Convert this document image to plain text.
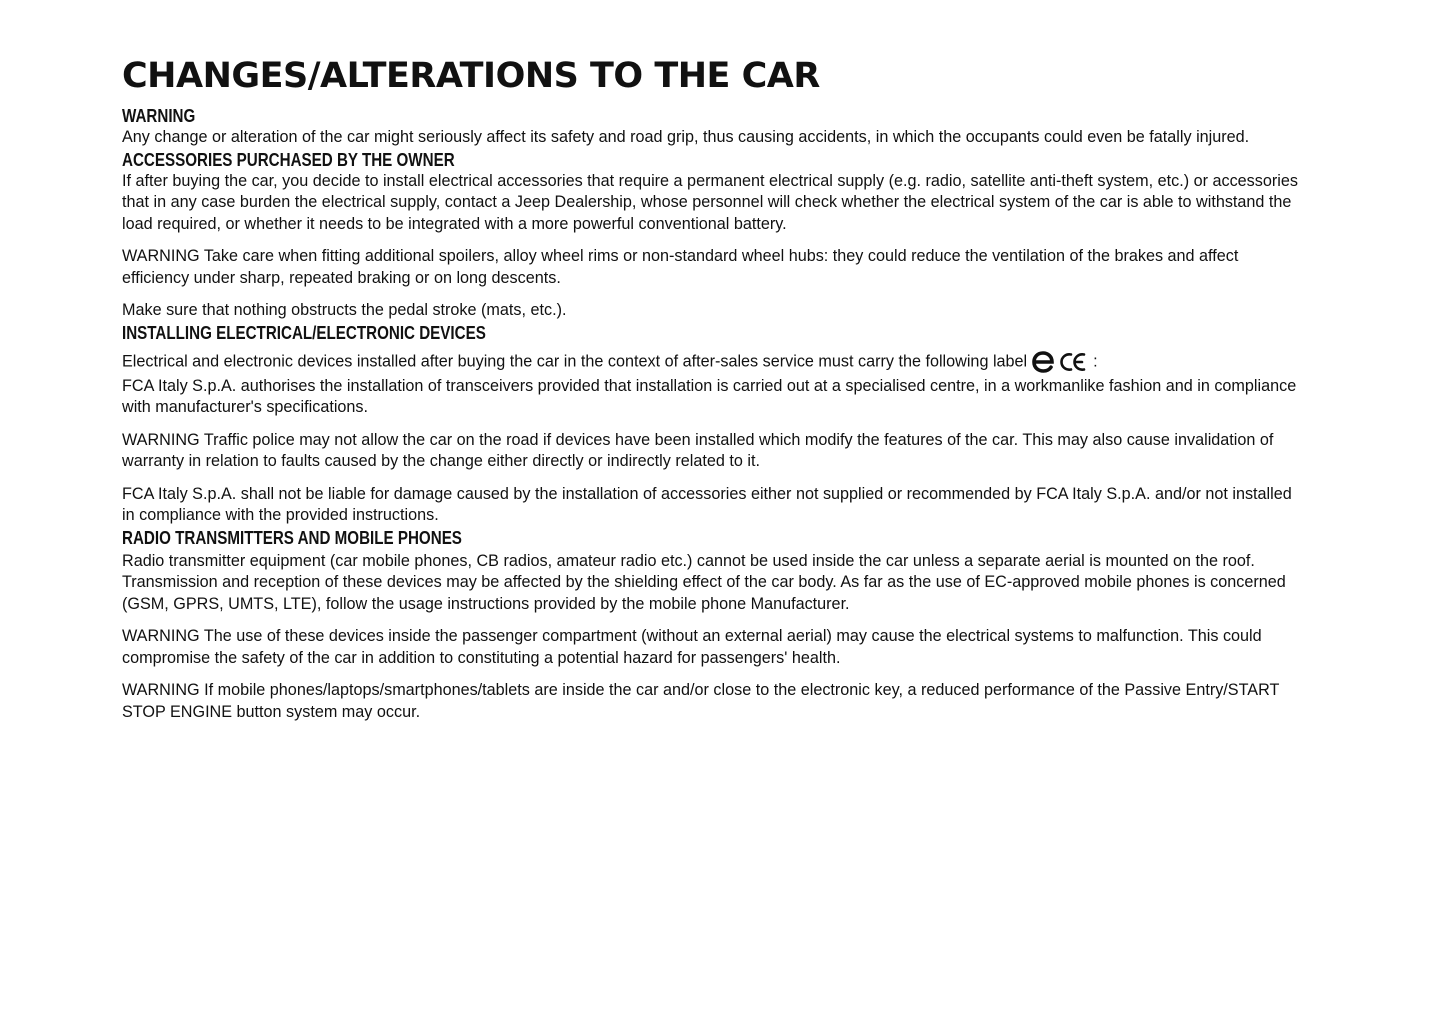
CHANGES/ALTERATIONS TO THE CAR
WARNING

Any change or alteration of the car might seriously affect its safety and road grip, thus causing accidents, in which the occupants could even be fatally injured.

ACCESSORIES PURCHASED BY THE OWNER

If after buying the car, you decide to install electrical accessories that require a permanent electrical supply (e.g. radio, satellite anti-theft system, etc.) or accessories that in any case burden the electrical supply, contact a Jeep Dealership, whose personnel will check whether the electrical system of the car is able to withstand the load required, or whether it needs to be integrated with a more powerful conventional battery.

WARNING Take care when fitting additional spoilers, alloy wheel rims or non-standard wheel hubs: they could reduce the ventilation of the brakes and affect efficiency under sharp, repeated braking or on long descents.

Make sure that nothing obstructs the pedal stroke (mats, etc.).

INSTALLING ELECTRICAL/ELECTRONIC DEVICES

Electrical and electronic devices installed after buying the car in the context of after-sales service must carry the following label	:

FCA Italy S.p.A. authorises the installation of transceivers provided that installation is carried out at a specialised centre, in a workmanlike fashion and in compliance with manufacturer's specifications.

WARNING Traffic police may not allow the car on the road if devices have been installed which modify the features of the car. This may also cause invalidation of warranty in relation to faults caused by the change either directly or indirectly related to it.

FCA Italy S.p.A. shall not be liable for damage caused by the installation of accessories either not supplied or recommended by FCA Italy S.p.A. and/or not installed in compliance with the provided instructions.

RADIO TRANSMITTERS AND MOBILE PHONES

Radio transmitter equipment (car mobile phones, CB radios, amateur radio etc.) cannot be used inside the car unless a separate aerial is mounted on the roof.

Transmission and reception of these devices may be affected by the shielding effect of the car body. As far as the use of EC-approved mobile phones is concerned (GSM, GPRS, UMTS, LTE), follow the usage instructions provided by the mobile phone Manufacturer.

WARNING The use of these devices inside the passenger compartment (without an external aerial) may cause the electrical systems to malfunction. This could compromise the safety of the car in addition to constituting a potential hazard for passengers' health.

WARNING If mobile phones/laptops/smartphones/tablets are inside the car and/or close to the electronic key, a reduced performance of the Passive Entry/START STOP ENGINE button system may occur.
